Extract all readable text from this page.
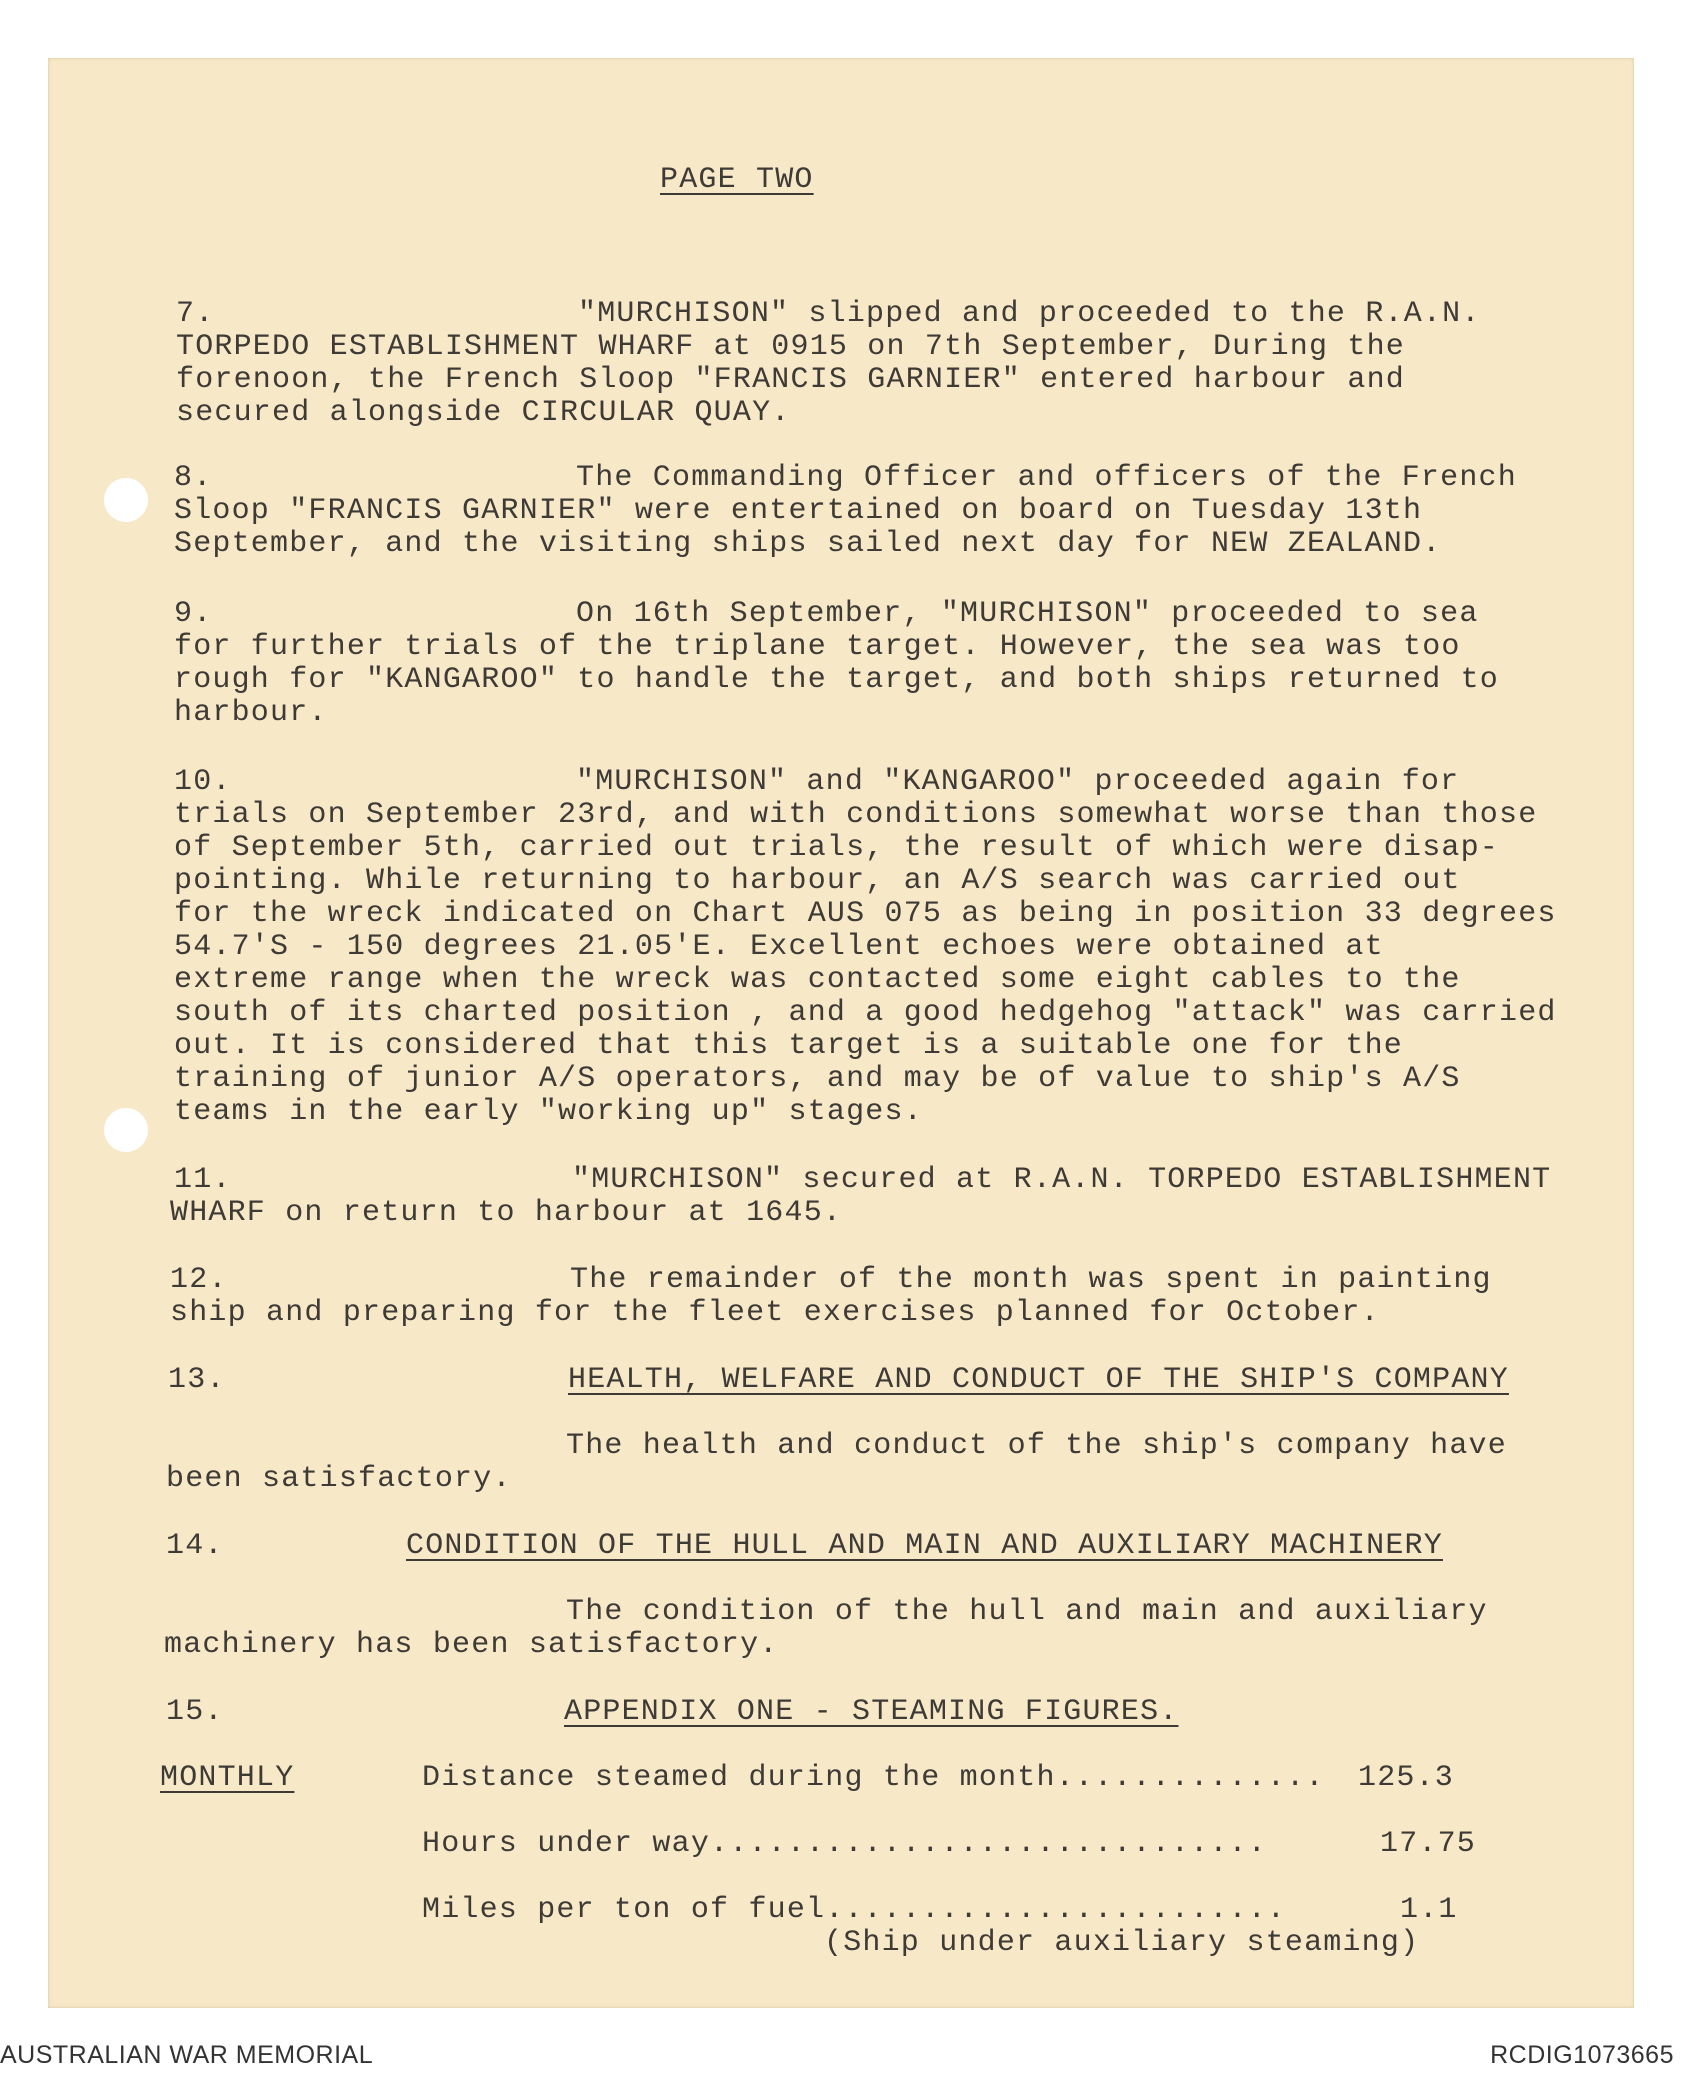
PAGE TWO
7.	"MURCHISON" slipped and proceeded to the R.A.N.
TORPEDO ESTABLISHMENT WHARF at 0915 on 7th September, During the
forenoon, the French Sloop "FRANCIS GARNIER" entered harbour and
secured alongside CIRCULAR QUAY.
8.	The Commanding Officer and officers of the French
Sloop "FRANCIS GARNIER" were entertained on board on Tuesday 13th
September, and the visiting ships sailed next day for NEW ZEALAND.
9.	On 16th September, "MURCHISON" proceeded to sea
for further trials of the triplane target. However, the sea was too
rough for "KANGAROO" to handle the target, and both ships returned to
harbour.
10.	"MURCHISON" and "KANGAROO" proceeded again for
trials on September 23rd, and with conditions somewhat worse than those
of September 5th, carried out trials, the result of which were disap-
pointing. While returning to harbour, an A/S search was carried out
for the wreck indicated on Chart AUS 075 as being in position 33 degrees
54.7'S - 150 degrees 21.05'E. Excellent echoes were obtained at
extreme range when the wreck was contacted some eight cables to the
south of its charted position , and a good hedgehog "attack" was carried
out. It is considered that this target is a suitable one for the
training of junior A/S operators, and may be of value to ship's A/S
teams in the early "working up" stages.
11.	"MURCHISON" secured at R.A.N. TORPEDO ESTABLISHMENT
WHARF on return to harbour at 1645.
12.	The remainder of the month was spent in painting
ship and preparing for the fleet exercises planned for October.
13.	HEALTH, WELFARE AND CONDUCT OF THE SHIP'S COMPANY
The health and conduct of the ship's company have
been satisfactory.
14.	CONDITION OF THE HULL AND MAIN AND AUXILIARY MACHINERY
The condition of the hull and main and auxiliary
machinery has been satisfactory.
15.	APPENDIX ONE - STEAMING FIGURES.
MONTHLY	Distance steamed during the month.............. 125.3
Hours under way.............................	17.75
Miles per ton of fuel........................	1.1
(Ship under auxiliary steaming)
AUSTRALIAN WAR MEMORIAL	RCDIG1073665
